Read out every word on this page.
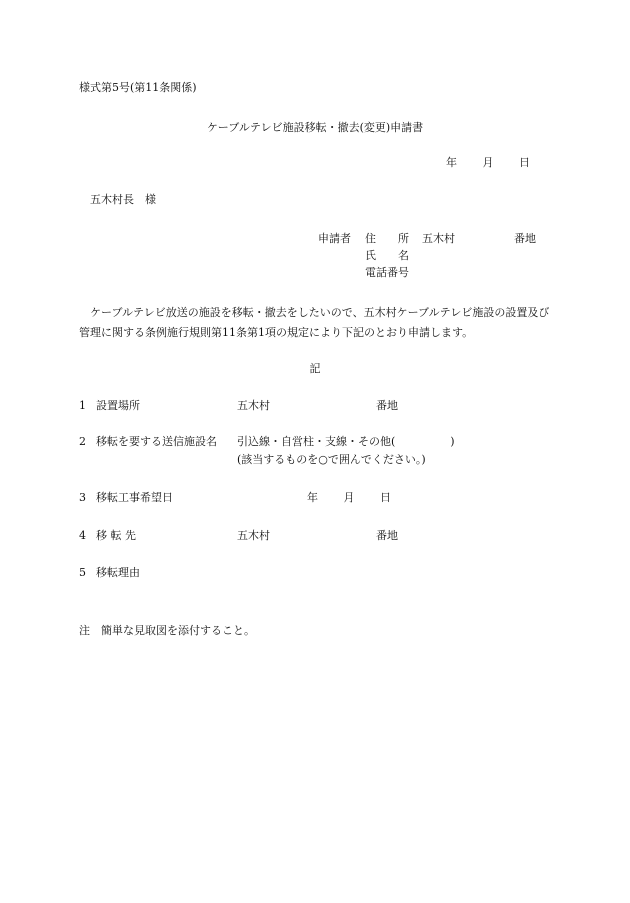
様式第5号(第11条関係)
ケーブルテレビ施設移転・撤去(変更)申請書
年 月 日
五木村長　様
申請者 住　　所 五木村	番地
氏　　名
電話番号
ケーブルテレビ放送の施設を移転・撤去をしたいので、五木村ケーブルテレビ施設の設置及び管理に関する条例施行規則第11条第1項の規定により下記のとおり申請します。
記
1 設置場所	五木村	番地
2 移転を要する送信施設名 引込線・自営柱・支線・その他(　　　　　)
(該当するものを○で囲んでください。)
3 移転工事希望日	年 月 日
4 移 転 先	五木村	番地
5 移転理由
注　簡単な見取図を添付すること。
